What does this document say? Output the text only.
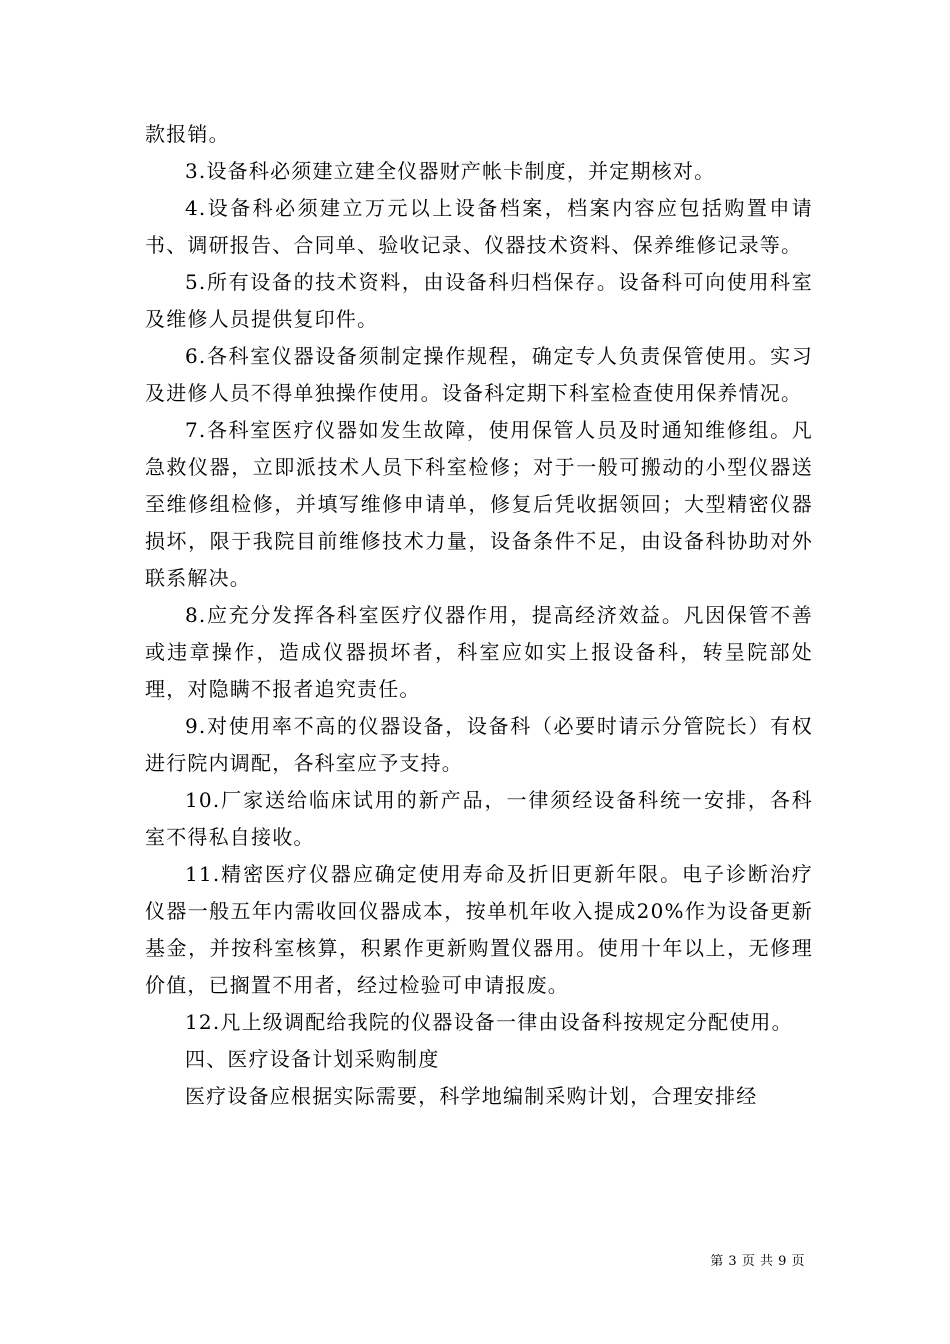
款报销。

3.设备科必须建立建全仪器财产帐卡制度，并定期核对。

4.设备科必须建立万元以上设备档案，档案内容应包括购置申请书、调研报告、合同单、验收记录、仪器技术资料、保养维修记录等。

5.所有设备的技术资料，由设备科归档保存。设备科可向使用科室及维修人员提供复印件。

6.各科室仪器设备须制定操作规程，确定专人负责保管使用。实习及进修人员不得单独操作使用。设备科定期下科室检查使用保养情况。

7.各科室医疗仪器如发生故障，使用保管人员及时通知维修组。凡急救仪器，立即派技术人员下科室检修；对于一般可搬动的小型仪器送至维修组检修，并填写维修申请单，修复后凭收据领回；大型精密仪器损坏，限于我院目前维修技术力量，设备条件不足，由设备科协助对外联系解决。

8.应充分发挥各科室医疗仪器作用，提高经济效益。凡因保管不善或违章操作，造成仪器损坏者，科室应如实上报设备科，转呈院部处理，对隐瞒不报者追究责任。

9.对使用率不高的仪器设备，设备科（必要时请示分管院长）有权进行院内调配，各科室应予支持。

10.厂家送给临床试用的新产品，一律须经设备科统一安排，各科室不得私自接收。

11.精密医疗仪器应确定使用寿命及折旧更新年限。电子诊断治疗仪器一般五年内需收回仪器成本，按单机年收入提成20%作为设备更新基金，并按科室核算，积累作更新购置仪器用。使用十年以上，无修理价值，已搁置不用者，经过检验可申请报废。

12.凡上级调配给我院的仪器设备一律由设备科按规定分配使用。

四、医疗设备计划采购制度

医疗设备应根据实际需要，科学地编制采购计划，合理安排经

第 3 页 共 9 页
